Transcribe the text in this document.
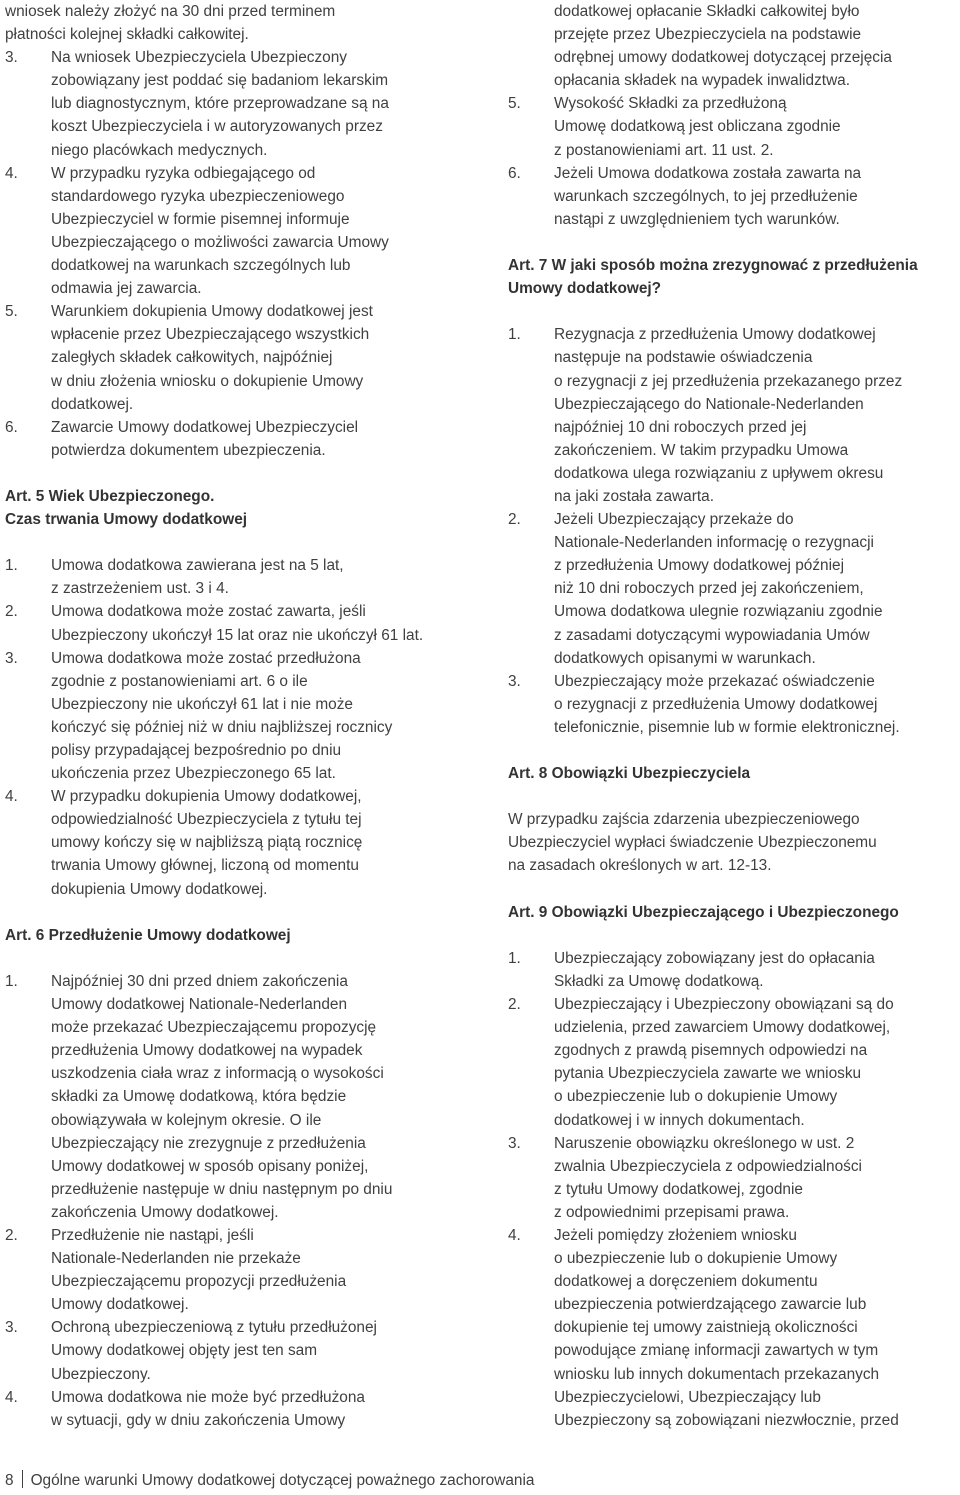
wniosek należy złożyć na 30 dni przed terminem
płatności kolejnej składki całkowitej.
3.	Na wniosek Ubezpieczyciela Ubezpieczony
zobowiązany jest poddać się badaniom lekarskim
lub diagnostycznym, które przeprowadzane są na
koszt Ubezpieczyciela i w autoryzowanych przez
niego placówkach medycznych.
4.	W przypadku ryzyka odbiegającego od
standardowego ryzyka ubezpieczeniowego
Ubezpieczyciel w formie pisemnej informuje
Ubezpieczającego o możliwości zawarcia Umowy
dodatkowej na warunkach szczególnych lub
odmawia jej zawarcia.
5.	Warunkiem dokupienia Umowy dodatkowej jest
wpłacenie przez Ubezpieczającego wszystkich
zaległych składek całkowitych, najpóźniej
w dniu złożenia wniosku o dokupienie Umowy
dodatkowej.
6.	Zawarcie Umowy dodatkowej Ubezpieczyciel
potwierdza dokumentem ubezpieczenia.
Art. 5 Wiek Ubezpieczonego.
Czas trwania Umowy dodatkowej
1.	Umowa dodatkowa zawierana jest na 5 lat,
z zastrzeżeniem ust. 3 i 4.
2.	Umowa dodatkowa może zostać zawarta, jeśli
Ubezpieczony ukończył 15 lat oraz nie ukończył 61 lat.
3.	Umowa dodatkowa może zostać przedłużona
zgodnie z postanowieniami art. 6 o ile
Ubezpieczony nie ukończył 61 lat i nie może
kończyć się później niż w dniu najbliższej rocznicy
polisy przypadającej bezpośrednio po dniu
ukończenia przez Ubezpieczonego 65 lat.
4.	W przypadku dokupienia Umowy dodatkowej,
odpowiedzialność Ubezpieczyciela z tytułu tej
umowy kończy się w najbliższą piątą rocznicę
trwania Umowy głównej, liczoną od momentu
dokupienia Umowy dodatkowej.
Art. 6 Przedłużenie Umowy dodatkowej
1.	Najpóźniej 30 dni przed dniem zakończenia
Umowy dodatkowej Nationale-Nederlanden
może przekazać Ubezpieczającemu propozycję
przedłużenia Umowy dodatkowej na wypadek
uszkodzenia ciała wraz z informacją o wysokości
składki za Umowę dodatkową, która będzie
obowiązywała w kolejnym okresie. O ile
Ubezpieczający nie zrezygnuje z przedłużenia
Umowy dodatkowej w sposób opisany poniżej,
przedłużenie następuje w dniu następnym po dniu
zakończenia Umowy dodatkowej.
2.	Przedłużenie nie nastąpi, jeśli
Nationale-Nederlanden nie przekaże
Ubezpieczającemu propozycji przedłużenia
Umowy dodatkowej.
3.	Ochroną ubezpieczeniową z tytułu przedłużonej
Umowy dodatkowej objęty jest ten sam
Ubezpieczony.
4.	Umowa dodatkowa nie może być przedłużona
w sytuacji, gdy w dniu zakończenia Umowy
dodatkowej opłacanie Składki całkowitej było
przejęte przez Ubezpieczyciela na podstawie
odrębnej umowy dodatkowej dotyczącej przejęcia
opłacania składek na wypadek inwalidztwa.
5.	Wysokość Składki za przedłużoną
Umowę dodatkową jest obliczana zgodnie
z postanowieniami art. 11 ust. 2.
6.	Jeżeli Umowa dodatkowa została zawarta na
warunkach szczególnych, to jej przedłużenie
nastąpi z uwzględnieniem tych warunków.
Art. 7 W jaki sposób można zrezygnować z przedłużenia
Umowy dodatkowej?
1.	Rezygnacja z przedłużenia Umowy dodatkowej
następuje na podstawie oświadczenia
o rezygnacji z jej przedłużenia przekazanego przez
Ubezpieczającego do Nationale-Nederlanden
najpóźniej 10 dni roboczych przed jej
zakończeniem. W takim przypadku Umowa
dodatkowa ulega rozwiązaniu z upływem okresu
na jaki została zawarta.
2.	Jeżeli Ubezpieczający przekaże do
Nationale-Nederlanden informację o rezygnacji
z przedłużenia Umowy dodatkowej później
niż 10 dni roboczych przed jej zakończeniem,
Umowa dodatkowa ulegnie rozwiązaniu zgodnie
z zasadami dotyczącymi wypowiadania Umów
dodatkowych opisanymi w warunkach.
3.	Ubezpieczający może przekazać oświadczenie
o rezygnacji z przedłużenia Umowy dodatkowej
telefonicznie, pisemnie lub w formie elektronicznej.
Art. 8 Obowiązki Ubezpieczyciela
W przypadku zajścia zdarzenia ubezpieczeniowego
Ubezpieczyciel wypłaci świadczenie Ubezpieczonemu
na zasadach określonych w art. 12-13.
Art. 9 Obowiązki Ubezpieczającego i Ubezpieczonego
1.	Ubezpieczający zobowiązany jest do opłacania
Składki za Umowę dodatkową.
2.	Ubezpieczający i Ubezpieczony obowiązani są do
udzielenia, przed zawarciem Umowy dodatkowej,
zgodnych z prawdą pisemnych odpowiedzi na
pytania Ubezpieczyciela zawarte we wniosku
o ubezpieczenie lub o dokupienie Umowy
dodatkowej i w innych dokumentach.
3.	Naruszenie obowiązku określonego w ust. 2
zwalnia Ubezpieczyciela z odpowiedzialności
z tytułu Umowy dodatkowej, zgodnie
z odpowiednimi przepisami prawa.
4.	Jeżeli pomiędzy złożeniem wniosku
o ubezpieczenie lub o dokupienie Umowy
dodatkowej a doręczeniem dokumentu
ubezpieczenia potwierdzającego zawarcie lub
dokupienie tej umowy zaistnieją okoliczności
powodujące zmianę informacji zawartych w tym
wniosku lub innych dokumentach przekazanych
Ubezpieczycielowi, Ubezpieczający lub
Ubezpieczony są zobowiązani niezwłocznie, przed
8 Ogólne warunki Umowy dodatkowej dotyczącej poważnego zachorowania
